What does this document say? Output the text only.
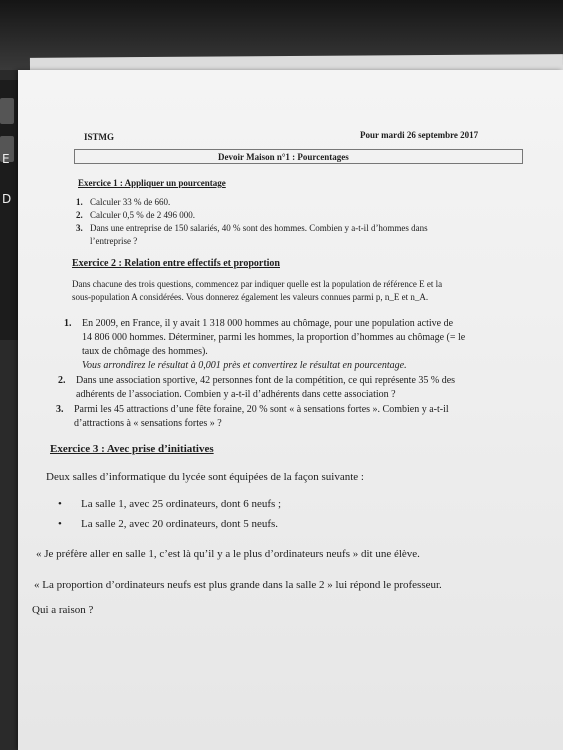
E
D
ISTMG	Pour mardi 26 septembre 2017
Devoir Maison n°1 : Pourcentages
Exercice 1 : Appliquer un pourcentage
1. Calculer 33 % de 660.
2. Calculer 0,5 % de 2 496 000.
3. Dans une entreprise de 150 salariés, 40 % sont des hommes. Combien y a-t-il d’hommes dans
l’entreprise ?
Exercice 2 : Relation entre effectifs et proportion
Dans chacune des trois questions, commencez par indiquer quelle est la population de référence E et la
sous-population A considérées. Vous donnerez également les valeurs connues parmi p, n_E et n_A.
1. En 2009, en France, il y avait 1 318 000 hommes au chômage, pour une population active de
14 806 000 hommes. Déterminer, parmi les hommes, la proportion d’hommes au chômage (= le
taux de chômage des hommes).
Vous arrondirez le résultat à 0,001 près et convertirez le résultat en pourcentage.
2. Dans une association sportive, 42 personnes font de la compétition, ce qui représente 35 % des
adhérents de l’association. Combien y a-t-il d’adhérents dans cette association ?
3. Parmi les 45 attractions d’une fête foraine, 20 % sont « à sensations fortes ». Combien y a-t-il
d’attractions à « sensations fortes » ?
Exercice 3 : Avec prise d’initiatives
Deux salles d’informatique du lycée sont équipées de la façon suivante :
• La salle 1, avec 25 ordinateurs, dont 6 neufs ;
• La salle 2, avec 20 ordinateurs, dont 5 neufs.
« Je préfère aller en salle 1, c’est là qu’il y a le plus d’ordinateurs neufs » dit une élève.
« La proportion d’ordinateurs neufs est plus grande dans la salle 2 » lui répond le professeur.
Qui a raison ?
